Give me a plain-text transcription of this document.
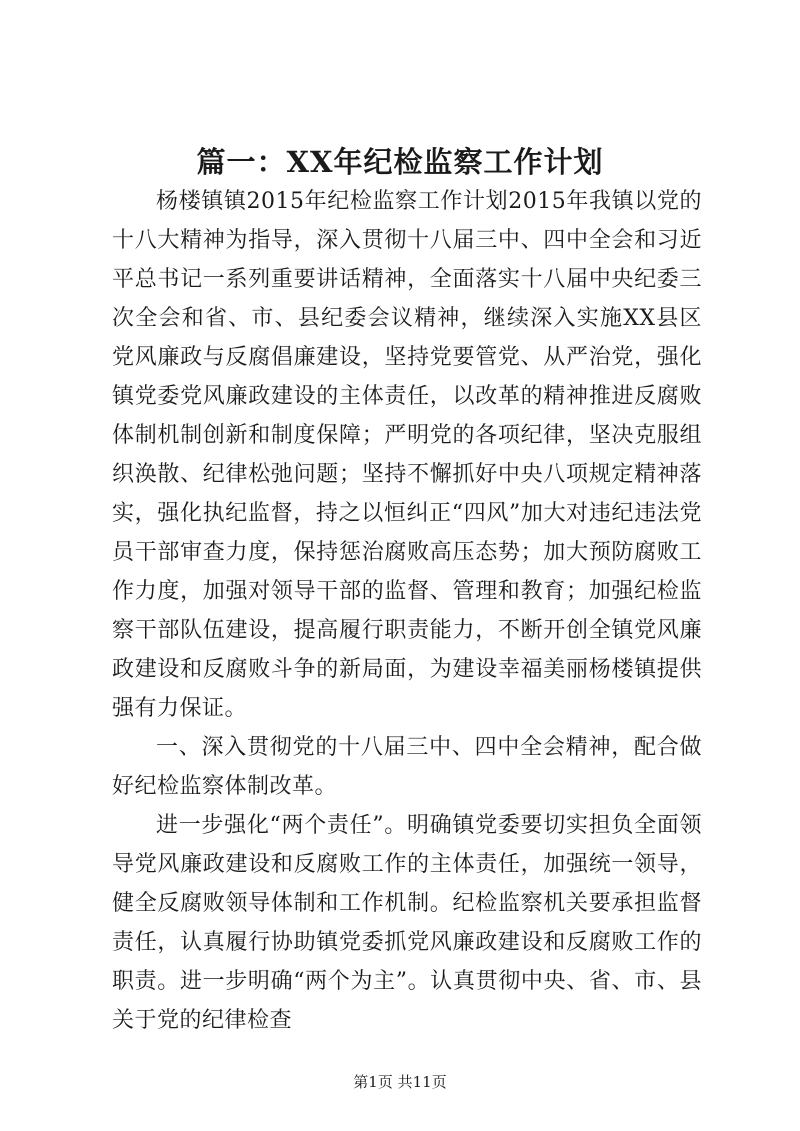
篇一：XX年纪检监察工作计划

杨楼镇镇2015年纪检监察工作计划2015年我镇以党的十八大精神为指导，深入贯彻十八届三中、四中全会和习近平总书记一系列重要讲话精神，全面落实十八届中央纪委三次全会和省、市、县纪委会议精神，继续深入实施XX县区党风廉政与反腐倡廉建设，坚持党要管党、从严治党，强化镇党委党风廉政建设的主体责任，以改革的精神推进反腐败体制机制创新和制度保障；严明党的各项纪律，坚决克服组织涣散、纪律松弛问题；坚持不懈抓好中央八项规定精神落实，强化执纪监督，持之以恒纠正“四风”加大对违纪违法党员干部审查力度，保持惩治腐败高压态势；加大预防腐败工作力度，加强对领导干部的监督、管理和教育；加强纪检监察干部队伍建设，提高履行职责能力，不断开创全镇党风廉政建设和反腐败斗争的新局面，为建设幸福美丽杨楼镇提供强有力保证。

一、深入贯彻党的十八届三中、四中全会精神，配合做好纪检监察体制改革。

进一步强化“两个责任”。明确镇党委要切实担负全面领导党风廉政建设和反腐败工作的主体责任，加强统一领导，健全反腐败领导体制和工作机制。纪检监察机关要承担监督责任，认真履行协助镇党委抓党风廉政建设和反腐败工作的职责。进一步明确“两个为主”。认真贯彻中央、省、市、县关于党的纪律检查

第1页 共11页
